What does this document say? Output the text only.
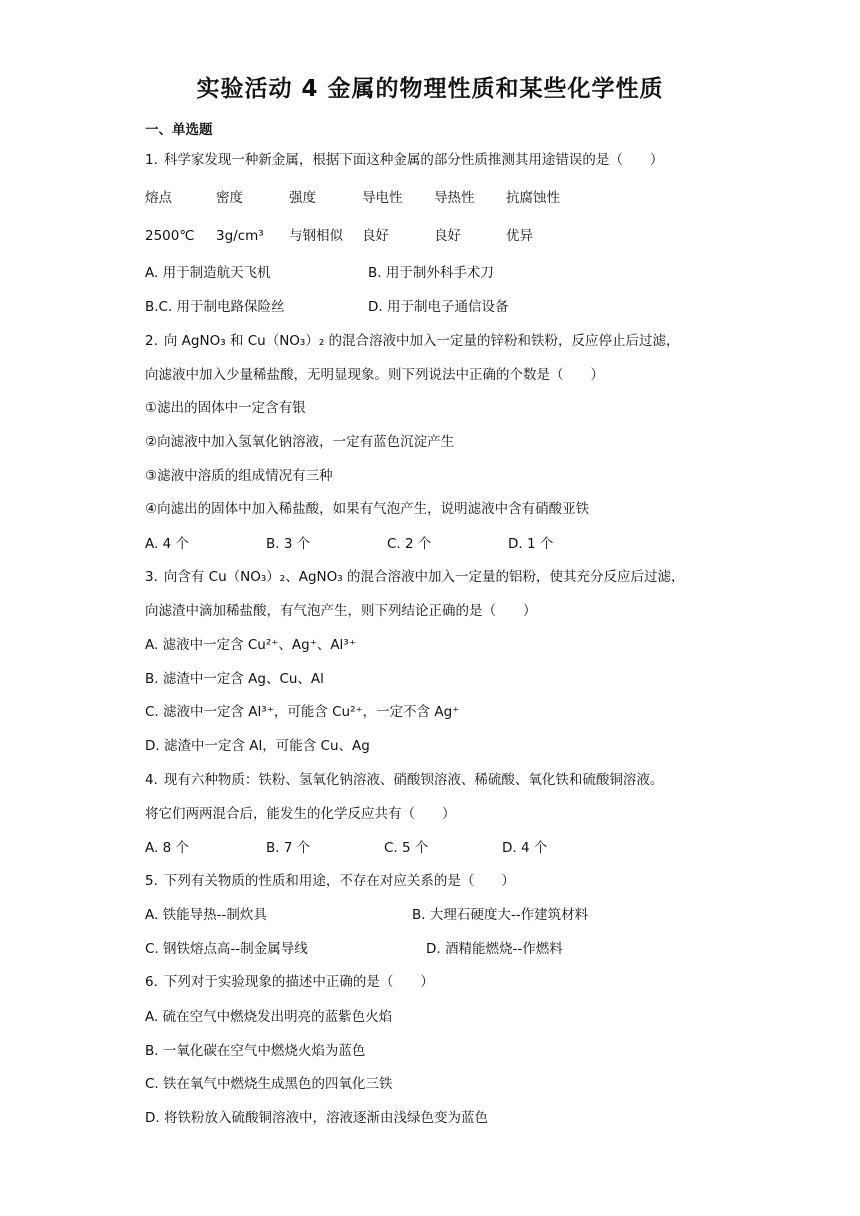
实验活动 4 金属的物理性质和某些化学性质
一、单选题
1. 科学家发现一种新金属，根据下面这种金属的部分性质推测其用途错误的是（　　）
熔点	密度	强度	导电性 导热性 抗腐蚀性
2500℃ 3g/cm³ 与钢相似 良好	良好	优异
A. 用于制造航天飞机	B. 用于制外科手术刀
B.C. 用于制电路保险丝	D. 用于制电子通信设备
2. 向 AgNO₃ 和 Cu（NO₃）₂ 的混合溶液中加入一定量的锌粉和铁粉，反应停止后过滤，
向滤液中加入少量稀盐酸，无明显现象。则下列说法中正确的个数是（　　）
①滤出的固体中一定含有银
②向滤液中加入氢氧化钠溶液，一定有蓝色沉淀产生
③滤液中溶质的组成情况有三种
④向滤出的固体中加入稀盐酸，如果有气泡产生，说明滤液中含有硝酸亚铁
A. 4 个	B. 3 个	C. 2 个	D. 1 个
3. 向含有 Cu（NO₃）₂、AgNO₃ 的混合溶液中加入一定量的铝粉，使其充分反应后过滤，
向滤渣中滴加稀盐酸，有气泡产生，则下列结论正确的是（　　）
A. 滤液中一定含 Cu²⁺、Ag⁺、Al³⁺
B. 滤渣中一定含 Ag、Cu、Al
C. 滤液中一定含 Al³⁺，可能含 Cu²⁺，一定不含 Ag⁺
D. 滤渣中一定含 Al，可能含 Cu、Ag
4. 现有六种物质：铁粉、氢氧化钠溶液、硝酸钡溶液、稀硫酸、氧化铁和硫酸铜溶液。
将它们两两混合后，能发生的化学反应共有（　　）
A. 8 个	B. 7 个	C. 5 个	D. 4 个
5. 下列有关物质的性质和用途，不存在对应关系的是（　　）
A. 铁能导热--制炊具	B. 大理石硬度大--作建筑材料
C. 钢铁熔点高--制金属导线	D. 酒精能燃烧--作燃料
6. 下列对于实验现象的描述中正确的是（　　）
A. 硫在空气中燃烧发出明亮的蓝紫色火焰
B. 一氧化碳在空气中燃烧火焰为蓝色
C. 铁在氧气中燃烧生成黑色的四氧化三铁
D. 将铁粉放入硫酸铜溶液中，溶液逐渐由浅绿色变为蓝色
